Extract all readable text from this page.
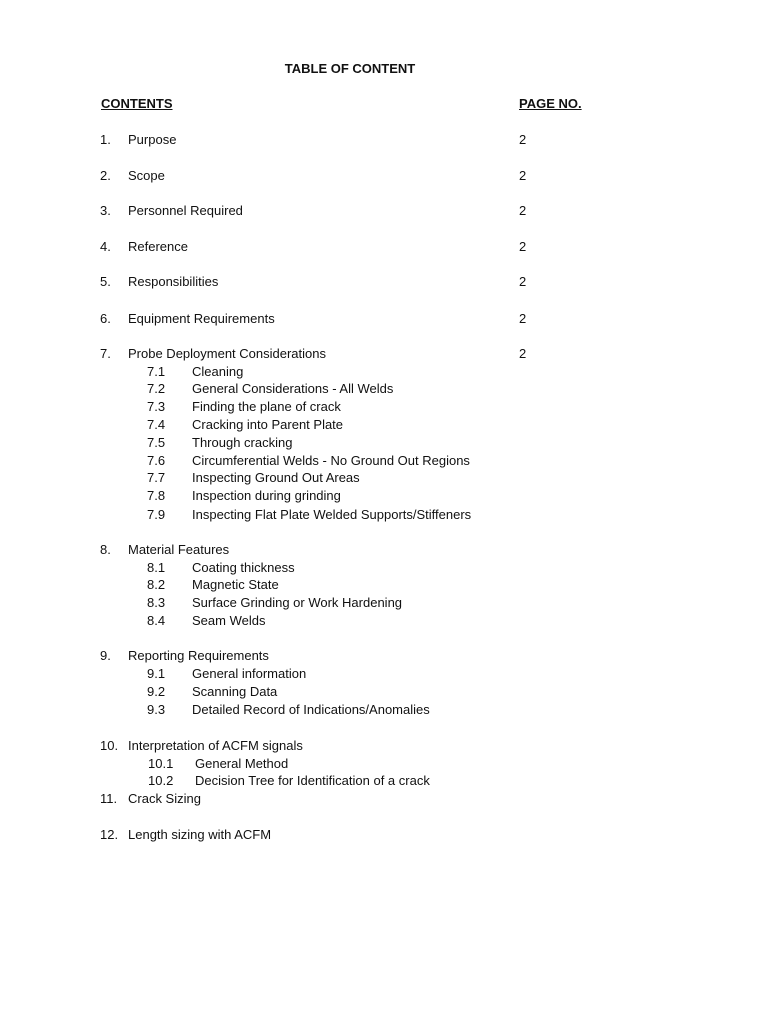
TABLE OF CONTENT
CONTENTS	PAGE NO.
1. Purpose	2
2. Scope	2
3. Personnel Required	2
4. Reference	2
5. Responsibilities	2
6. Equipment Requirements	2
7. Probe Deployment Considerations	2
7.1 Cleaning
7.2 General Considerations - All Welds
7.3 Finding the plane of crack
7.4 Cracking into Parent Plate
7.5 Through cracking
7.6 Circumferential Welds - No Ground Out Regions
7.7 Inspecting Ground Out Areas
7.8 Inspection during grinding
7.9 Inspecting Flat Plate Welded Supports/Stiffeners
8. Material Features
8.1 Coating thickness
8.2 Magnetic State
8.3 Surface Grinding or Work Hardening
8.4 Seam Welds
9. Reporting Requirements
9.1 General information
9.2 Scanning Data
9.3 Detailed Record of Indications/Anomalies
10. Interpretation of ACFM signals
10.1 General Method
10.2 Decision Tree for Identification of a crack
11. Crack Sizing
12. Length sizing with ACFM
